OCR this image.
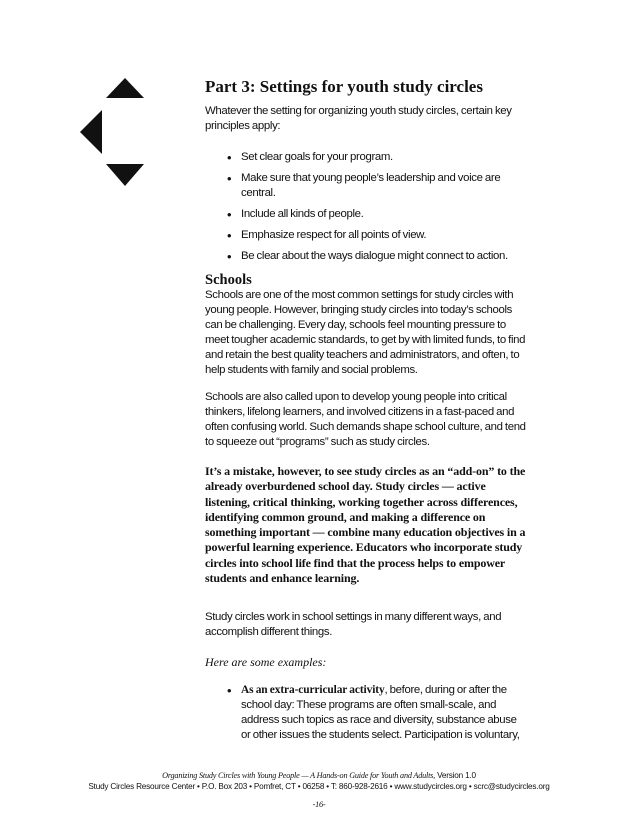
Part 3: Settings for youth study circles

Whatever the setting for organizing youth study circles, certain key principles apply:

• Set clear goals for your program.
• Make sure that young people’s leadership and voice are central.
• Include all kinds of people.
• Emphasize respect for all points of view.
• Be clear about the ways dialogue might connect to action.
Schools

Schools are one of the most common settings for study circles with young people. However, bringing study circles into today’s schools can be challenging. Every day, schools feel mounting pressure to meet tougher academic standards, to get by with limited funds, to find and retain the best quality teachers and administrators, and often, to help students with family and social problems.

Schools are also called upon to develop young people into critical thinkers, lifelong learners, and involved citizens in a fast-paced and often confusing world. Such demands shape school culture, and tend to squeeze out “programs” such as study circles.

It’s a mistake, however, to see study circles as an “add-on” to the already overburdened school day. Study circles — active listening, critical thinking, working together across differences, identifying common ground, and making a difference on something important — combine many education objectives in a powerful learning experience. Educators who incorporate study circles into school life find that the process helps to empower students and enhance learning.

Study circles work in school settings in many different ways, and accomplish different things.

Here are some examples:

• As an extra-curricular activity, before, during or after the school day: These programs are often small-scale, and address such topics as race and diversity, substance abuse or other issues the students select. Participation is voluntary,
Organizing Study Circles with Young People — A Hands-on Guide for Youth and Adults, Version 1.0
Study Circles Resource Center • P.O. Box 203 • Pomfret, CT • 06258 • T: 860-928-2616 • www.studycircles.org • scrc@studycircles.org
-16-
